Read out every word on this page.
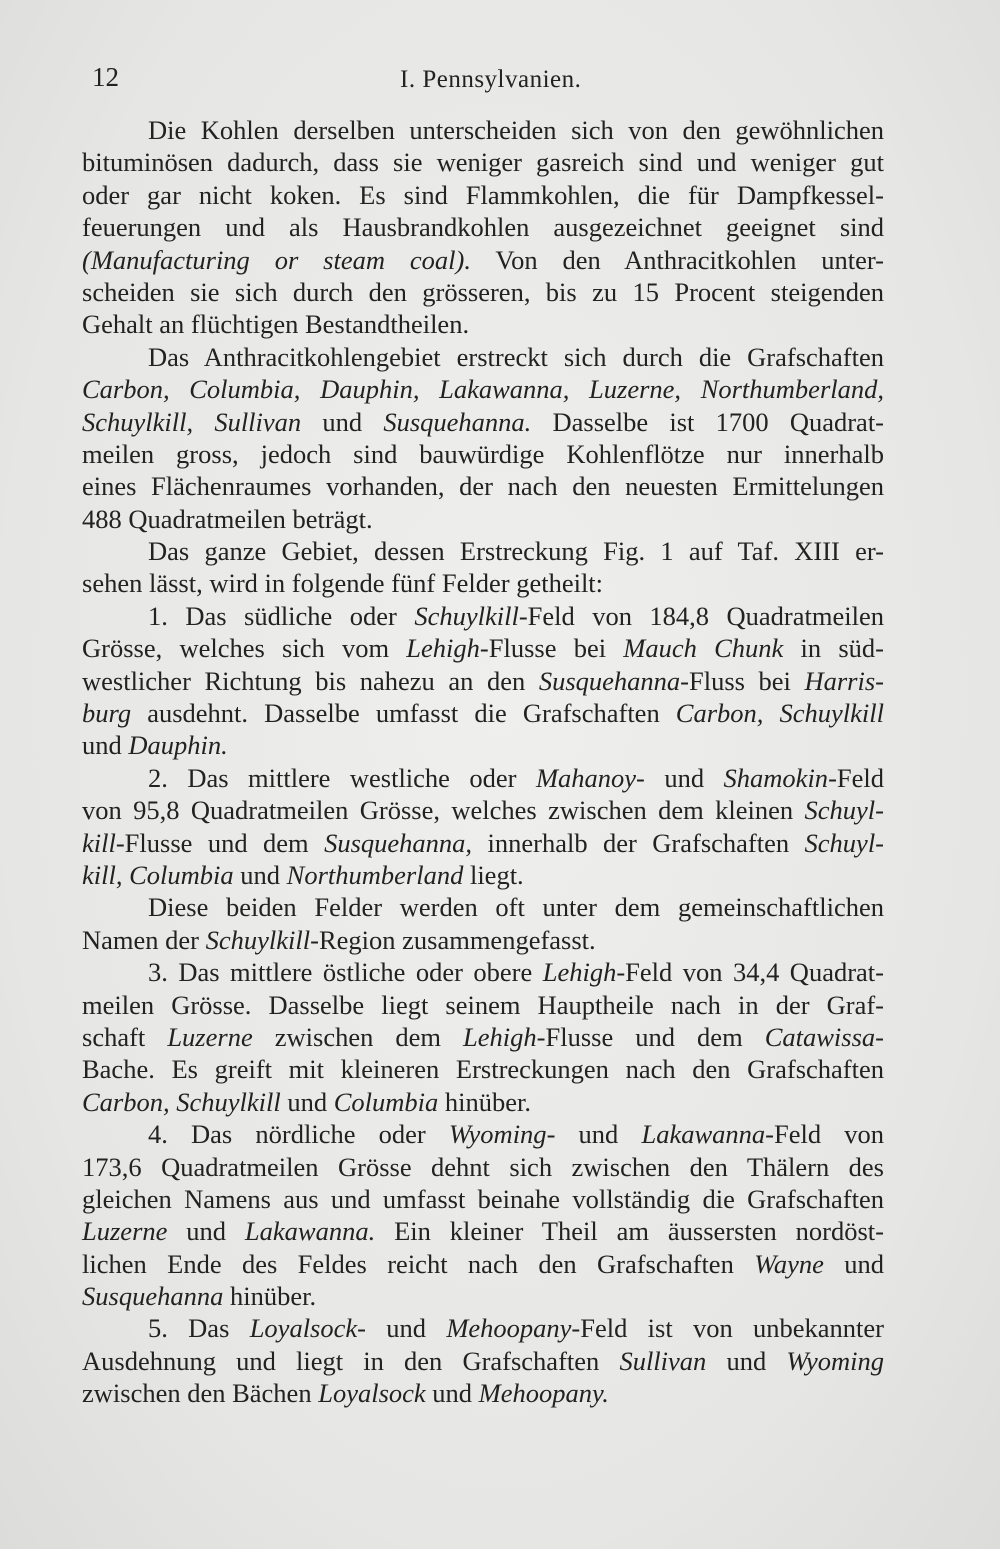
12	I. Pennsylvanien.
Die Kohlen derselben unterscheiden sich von den gewöhnlichen
bituminösen dadurch, dass sie weniger gasreich sind und weniger gut
oder gar nicht koken. Es sind Flammkohlen, die für Dampfkessel-
feuerungen und als Hausbrandkohlen ausgezeichnet geeignet sind
(Manufacturing or steam coal). Von den Anthracitkohlen unter-
scheiden sie sich durch den grösseren, bis zu 15 Procent steigenden
Gehalt an flüchtigen Bestandtheilen.
Das Anthracitkohlengebiet erstreckt sich durch die Grafschaften
Carbon, Columbia, Dauphin, Lakawanna, Luzerne, Northumberland,
Schuylkill, Sullivan und Susquehanna. Dasselbe ist 1700 Quadrat-
meilen gross, jedoch sind bauwürdige Kohlenflötze nur innerhalb
eines Flächenraumes vorhanden, der nach den neuesten Ermittelungen
488 Quadratmeilen beträgt.
Das ganze Gebiet, dessen Erstreckung Fig. 1 auf Taf. XIII er-
sehen lässt, wird in folgende fünf Felder getheilt:
1. Das südliche oder Schuylkill-Feld von 184,8 Quadratmeilen
Grösse, welches sich vom Lehigh-Flusse bei Mauch Chunk in süd-
westlicher Richtung bis nahezu an den Susquehanna-Fluss bei Harris-
burg ausdehnt. Dasselbe umfasst die Grafschaften Carbon, Schuylkill
und Dauphin.
2. Das mittlere westliche oder Mahanoy- und Shamokin-Feld
von 95,8 Quadratmeilen Grösse, welches zwischen dem kleinen Schuyl-
kill-Flusse und dem Susquehanna, innerhalb der Grafschaften Schuyl-
kill, Columbia und Northumberland liegt.
Diese beiden Felder werden oft unter dem gemeinschaftlichen
Namen der Schuylkill-Region zusammengefasst.
3. Das mittlere östliche oder obere Lehigh-Feld von 34,4 Quadrat-
meilen Grösse. Dasselbe liegt seinem Hauptheile nach in der Graf-
schaft Luzerne zwischen dem Lehigh-Flusse und dem Catawissa-
Bache. Es greift mit kleineren Erstreckungen nach den Grafschaften
Carbon, Schuylkill und Columbia hinüber.
4. Das nördliche oder Wyoming- und Lakawanna-Feld von
173,6 Quadratmeilen Grösse dehnt sich zwischen den Thälern des
gleichen Namens aus und umfasst beinahe vollständig die Grafschaften
Luzerne und Lakawanna. Ein kleiner Theil am äussersten nordöst-
lichen Ende des Feldes reicht nach den Grafschaften Wayne und
Susquehanna hinüber.
5. Das Loyalsock- und Mehoopany-Feld ist von unbekannter
Ausdehnung und liegt in den Grafschaften Sullivan und Wyoming
zwischen den Bächen Loyalsock und Mehoopany.
